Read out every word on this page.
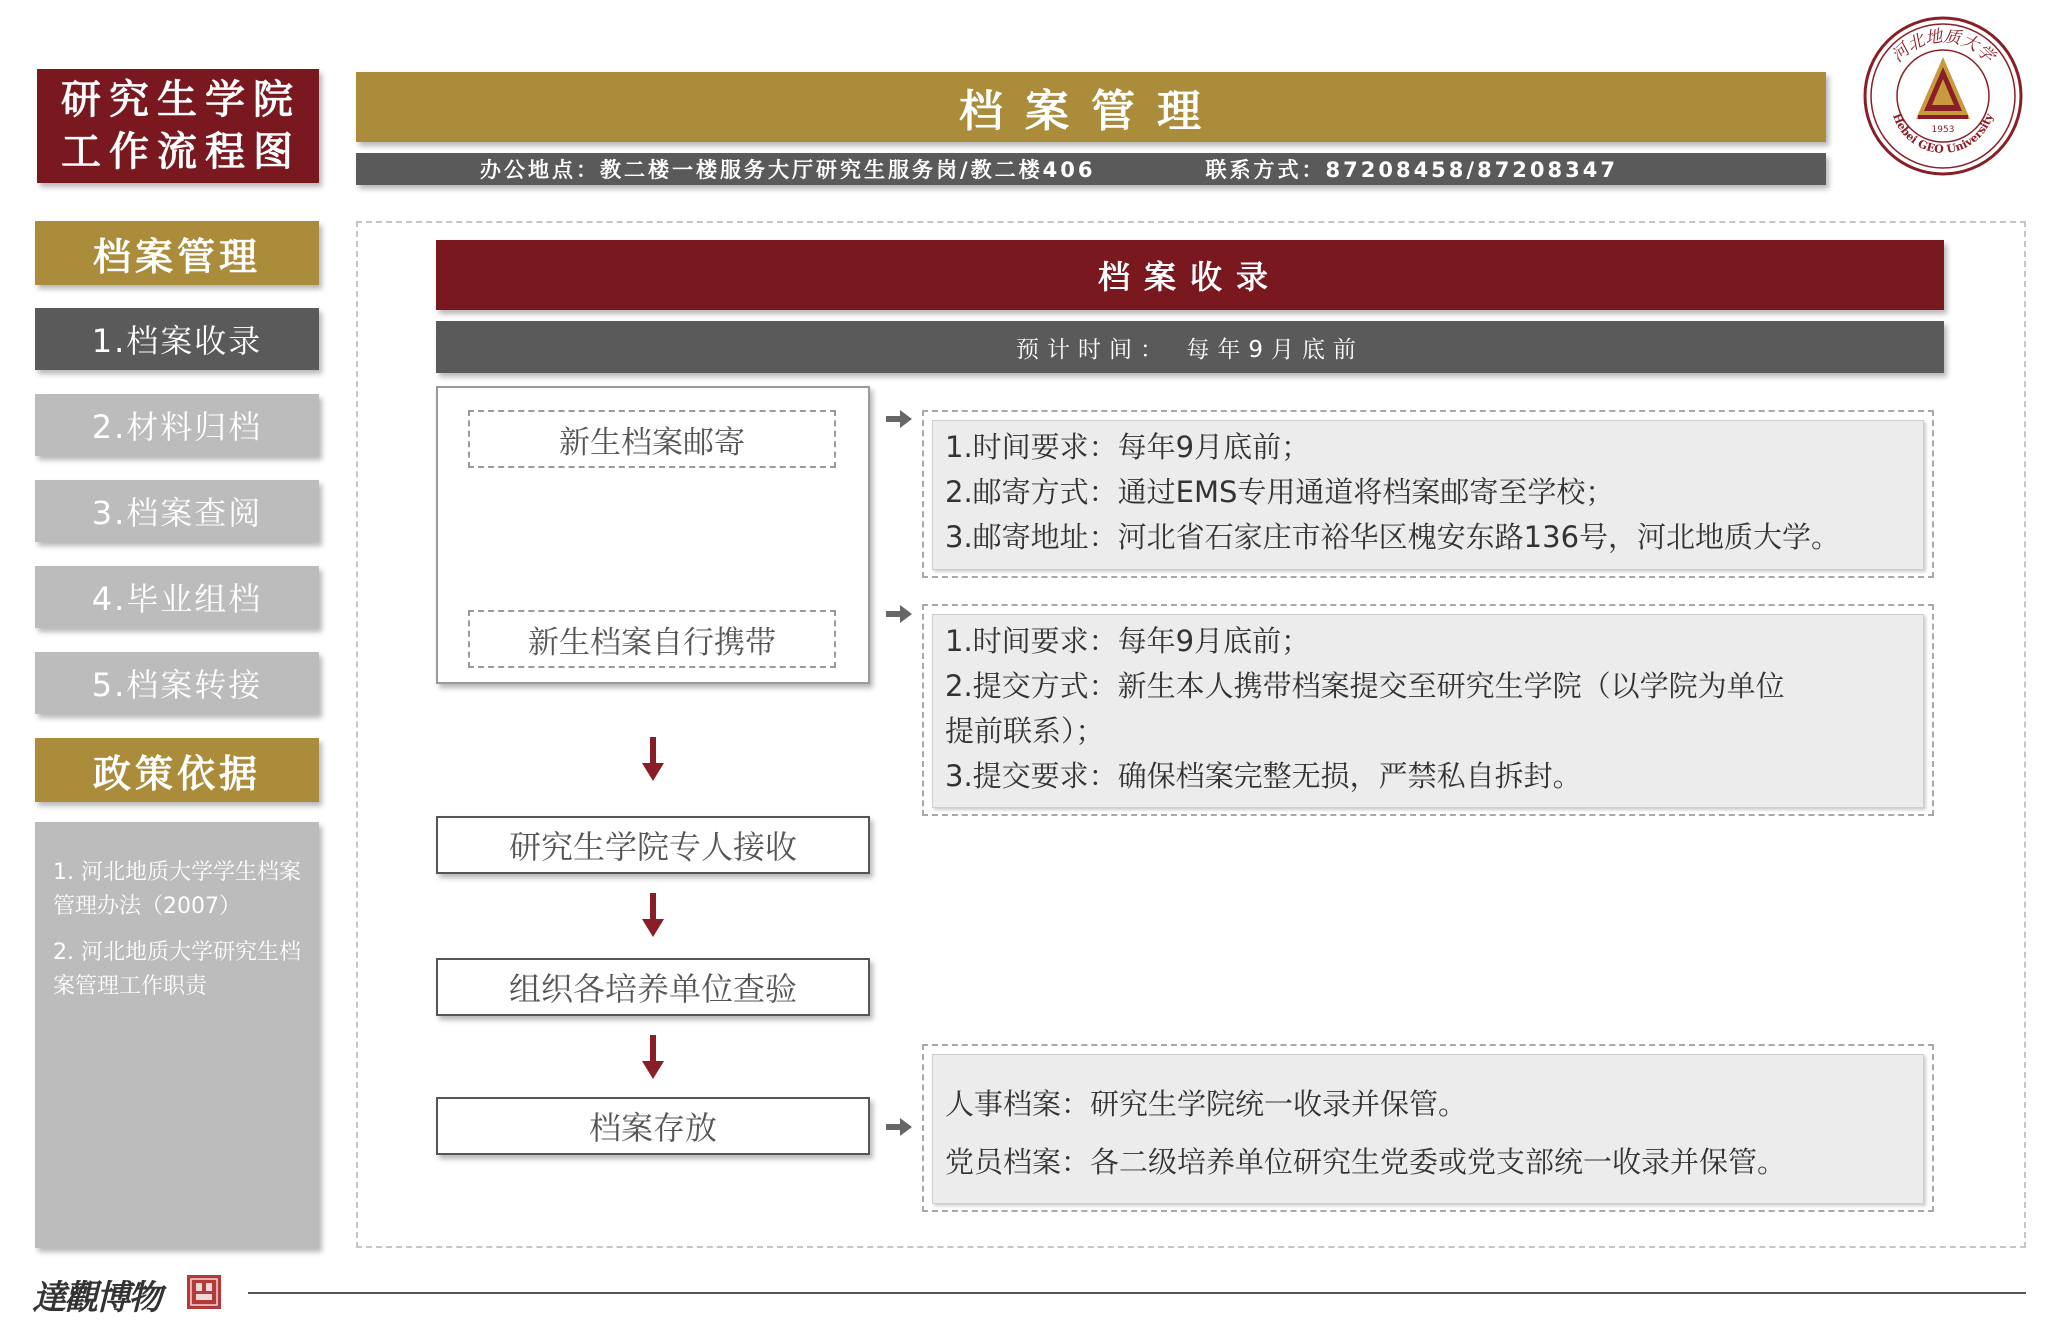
研究生学院
工作流程图
档案管理
办公地点：教二楼一楼服务大厅研究生服务岗/教二楼406	联系方式：87208458/87208347
河北地质大学
Hebei GEO University
1953
档案管理
1.档案收录
2.材料归档
3.档案查阅
4.毕业组档
5.档案转接
政策依据

1. 河北地质大学学生档案管理办法（2007）

2. 河北地质大学研究生档案管理工作职责

档案收录
预计时间： 每年9月底前
新生档案邮寄
新生档案自行携带
研究生学院专人接收
组织各培养单位查验
档案存放
1.时间要求：每年9月底前；
2.邮寄方式：通过EMS专用通道将档案邮寄至学校；
3.邮寄地址：河北省石家庄市裕华区槐安东路136号，河北地质大学。
1.时间要求：每年9月底前；
2.提交方式：新生本人携带档案提交至研究生学院（以学院为单位
提前联系）；
3.提交要求：确保档案完整无损，严禁私自拆封。
人事档案：研究生学院统一收录并保管。
党员档案：各二级培养单位研究生党委或党支部统一收录并保管。
達觀博物
